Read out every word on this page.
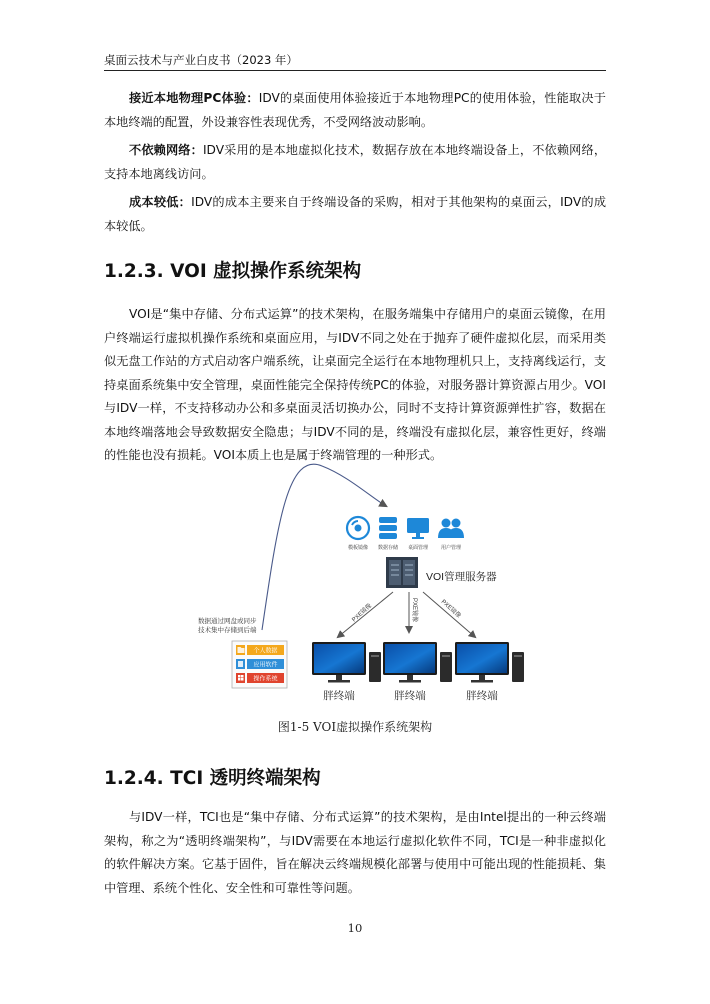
桌面云技术与产业白皮书（2023 年）

接近本地物理PC体验：IDV的桌面使用体验接近于本地物理PC的使用体验，性能取决于本地终端的配置，外设兼容性表现优秀，不受网络波动影响。

不依赖网络：IDV采用的是本地虚拟化技术，数据存放在本地终端设备上，不依赖网络，支持本地离线访问。

成本较低：IDV的成本主要来自于终端设备的采购，相对于其他架构的桌面云，IDV的成本较低。

1.2.3. VOI 虚拟操作系统架构

VOI是“集中存储、分布式运算”的技术架构，在服务端集中存储用户的桌面云镜像，在用户终端运行虚拟机操作系统和桌面应用，与IDV不同之处在于抛弃了硬件虚拟化层，而采用类似无盘工作站的方式启动客户端系统，让桌面完全运行在本地物理机只上，支持离线运行，支持桌面系统集中安全管理，桌面性能完全保持传统PC的体验，对服务器计算资源占用少。VOI与IDV一样，不支持移动办公和多桌面灵活切换办公，同时不支持计算资源弹性扩容，数据在本地终端落地会导致数据安全隐患；与IDV不同的是，终端没有虚拟化层，兼容性更好，终端的性能也没有损耗。VOI本质上也是属于终端管理的一种形式。

模板镜像 数据存储 桌面管理	用户管理
VOI管理服务器
PXE镜像	PXE镜像	PXE镜像
胖终端	胖终端	胖终端
数据通过网盘或同步
技术集中存储到后端
个人数据
应用软件
操作系统
图1-5 VOI虚拟操作系统架构
1.2.4. TCI 透明终端架构

与IDV一样，TCI也是“集中存储、分布式运算”的技术架构，是由Intel提出的一种云终端架构，称之为“透明终端架构”，与IDV需要在本地运行虚拟化软件不同，TCI是一种非虚拟化的软件解决方案。它基于固件，旨在解决云终端规模化部署与使用中可能出现的性能损耗、集中管理、系统个性化、安全性和可靠性等问题。

10
